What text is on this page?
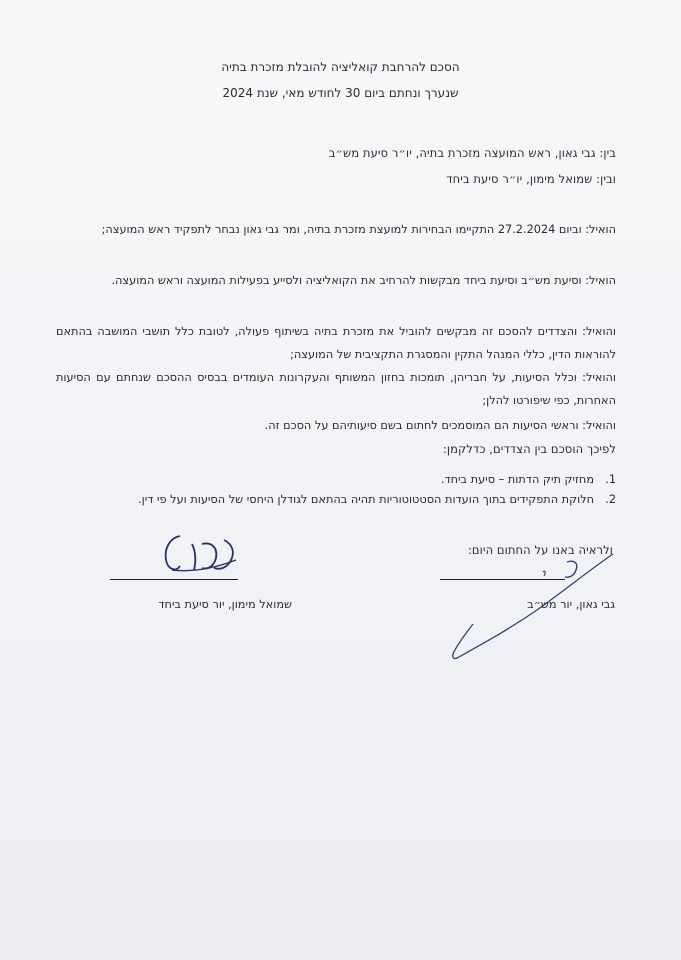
הסכם להרחבת קואליציה להובלת מזכרת בתיה
שנערך ונחתם ביום 30 לחודש מאי, שנת 2024
בין: גבי גאון, ראש המועצה מזכרת בתיה, יו״ר סיעת מש״ב
ובין: שמואל מימון, יו״ר סיעת ביחד
הואיל: וביום 27.2.2024 התקיימו הבחירות למועצת מזכרת בתיה, ומר גבי גאון נבחר לתפקיד ראש המועצה;
הואיל: וסיעת מש״ב וסיעת ביחד מבקשות להרחיב את הקואליציה ולסייע בפעילות המועצה וראש המועצה.
והואיל: והצדדים להסכם זה מבקשים להוביל את מזכרת בתיה בשיתוף פעולה, לטובת כלל תושבי המושבה בהתאם להוראות הדין, כללי המנהל התקין והמסגרת התקציבית של המועצה;
והואיל: וכלל הסיעות, על חבריהן, תומכות בחזון המשותף והעקרונות העומדים בבסיס ההסכם שנחתם עם הסיעות האחרות, כפי שיפורטו להלן;
והואיל: וראשי הסיעות הם המוסמכים לחתום בשם סיעותיהם על הסכם זה.
לפיכך הוסכם בין הצדדים, כדלקמן:
1.מחזיק תיק הדתות – סיעת ביחד.
2.חלוקת התפקידים בתוך הועדות הסטטוטוריות תהיה בהתאם לגודלן היחסי של הסיעות ועל פי דין.
ולראיה באנו על החתום היום:
גבי גאון, יור מש״ב
שמואל מימון, יור סיעת ביחד
